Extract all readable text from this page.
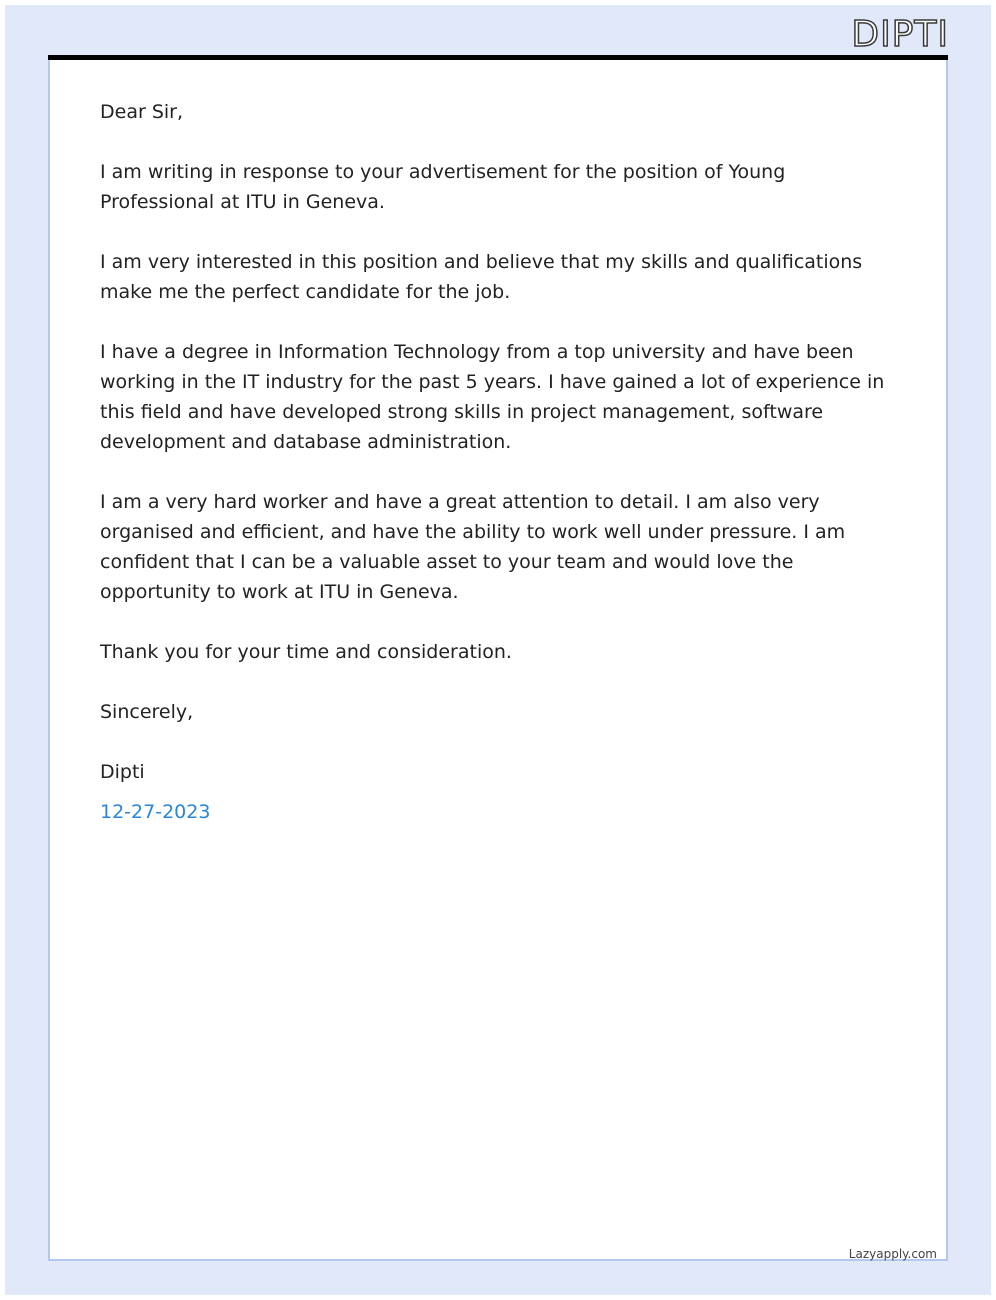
DIPTI

Dear Sir,

I am writing in response to your advertisement for the position of Young Professional at ITU in Geneva.

I am very interested in this position and believe that my skills and qualifications make me the perfect candidate for the job.

I have a degree in Information Technology from a top university and have been working in the IT industry for the past 5 years. I have gained a lot of experience in this field and have developed strong skills in project management, software development and database administration.

I am a very hard worker and have a great attention to detail. I am also very organised and efficient, and have the ability to work well under pressure. I am confident that I can be a valuable asset to your team and would love the opportunity to work at ITU in Geneva.

Thank you for your time and consideration.

Sincerely,

Dipti

12-27-2023

Lazyapply.com
